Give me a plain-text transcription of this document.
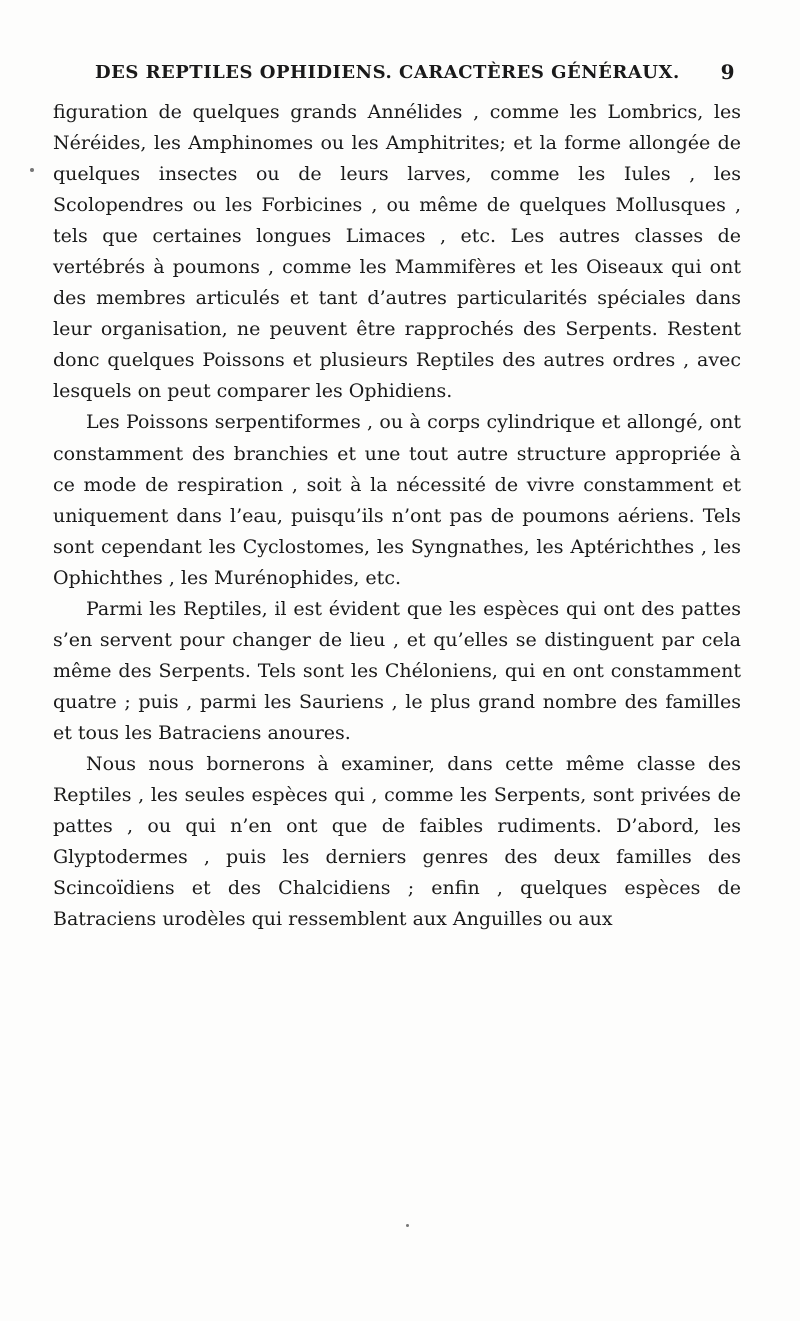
DES REPTILES OPHIDIENS. CARACTÈRES GÉNÉRAUX. 9

figuration de quelques grands Annélides , comme les Lombrics, les Néréides, les Amphinomes ou les Amphitrites; et la forme allongée de quelques insectes ou de leurs larves, comme les Iules , les Scolopendres ou les Forbicines , ou même de quelques Mollusques , tels que certaines longues Limaces , etc. Les autres classes de vertébrés à poumons , comme les Mammifères et les Oiseaux qui ont des membres articulés et tant d’autres particularités spéciales dans leur organisation, ne peuvent être rapprochés des Serpents. Restent donc quelques Poissons et plusieurs Reptiles des autres ordres , avec lesquels on peut comparer les Ophidiens.

Les Poissons serpentiformes , ou à corps cylindrique et allongé, ont constamment des branchies et une tout autre structure appropriée à ce mode de respiration , soit à la nécessité de vivre constamment et uniquement dans l’eau, puisqu’ils n’ont pas de poumons aériens. Tels sont cependant les Cyclostomes, les Syngnathes, les Aptérichthes , les Ophichthes , les Murénophides, etc.

Parmi les Reptiles, il est évident que les espèces qui ont des pattes s’en servent pour changer de lieu , et qu’elles se distinguent par cela même des Serpents. Tels sont les Chéloniens, qui en ont constamment quatre ; puis , parmi les Sauriens , le plus grand nombre des familles et tous les Batraciens anoures.

Nous nous bornerons à examiner, dans cette même classe des Reptiles , les seules espèces qui , comme les Serpents, sont privées de pattes , ou qui n’en ont que de faibles rudiments. D’abord, les Glyptodermes , puis les derniers genres des deux familles des Scincoïdiens et des Chalcidiens ; enfin , quelques espèces de Batraciens urodèles qui ressemblent aux Anguilles ou aux
